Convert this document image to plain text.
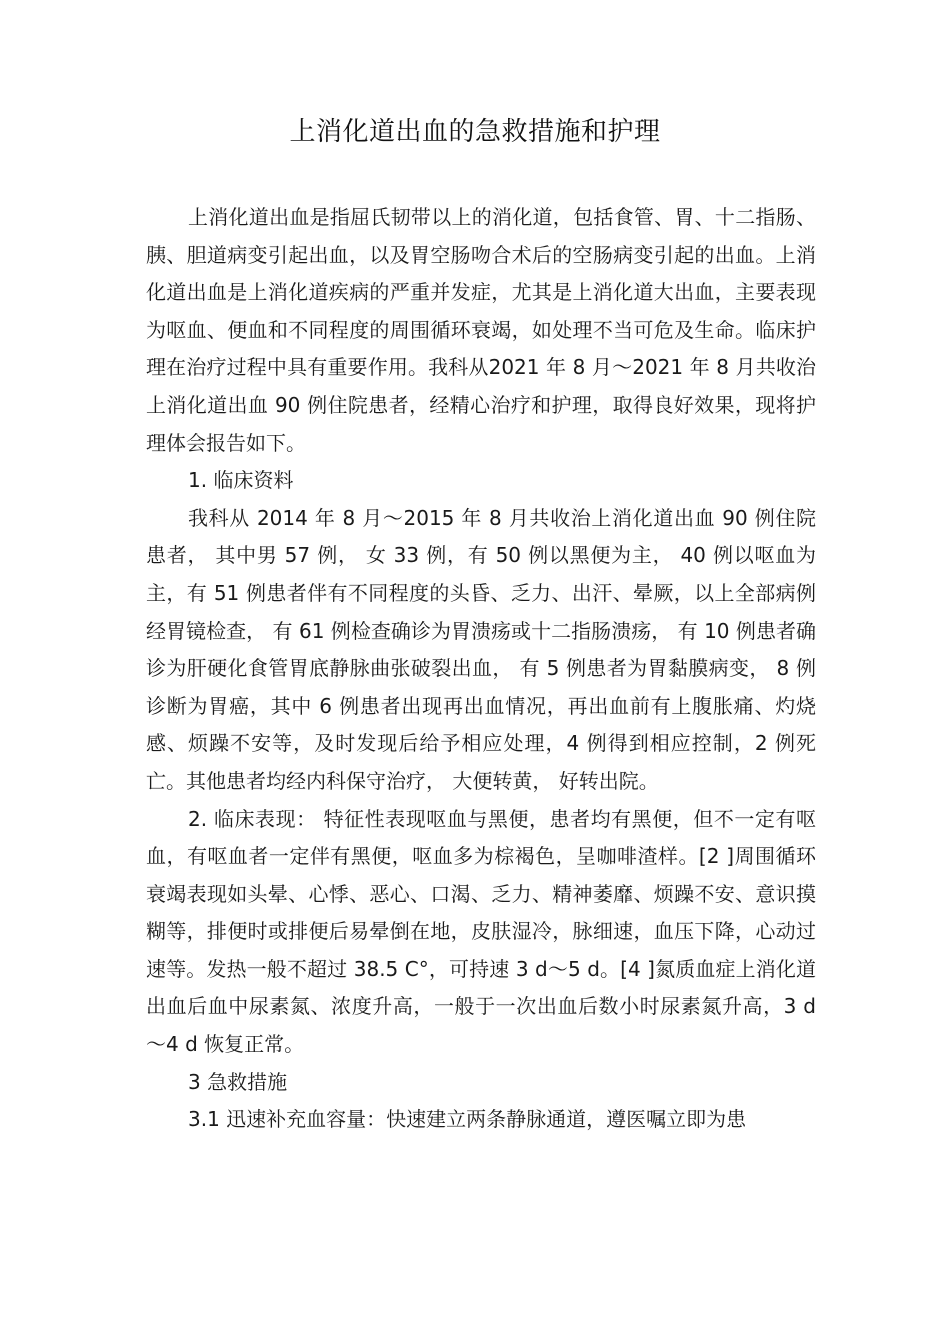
上消化道出血的急救措施和护理

上消化道出血是指屈氏韧带以上的消化道，包括食管、胃、十二指肠、胰、胆道病变引起出血，以及胃空肠吻合术后的空肠病变引起的出血。上消化道出血是上消化道疾病的严重并发症，尤其是上消化道大出血，主要表现为呕血、便血和不同程度的周围循环衰竭，如处理不当可危及生命。临床护理在治疗过程中具有重要作用。我科从2021 年 8 月～2021 年 8 月共收治上消化道出血 90 例住院患者，经精心治疗和护理，取得良好效果，现将护理体会报告如下。

1. 临床资料

我科从 2014 年 8 月～2015 年 8 月共收治上消化道出血 90 例住院患者， 其中男 57 例， 女 33 例，有 50 例以黑便为主， 40 例以呕血为主，有 51 例患者伴有不同程度的头昏、乏力、出汗、晕厥，以上全部病例经胃镜检查， 有 61 例检查确诊为胃溃疡或十二指肠溃疡， 有 10 例患者确诊为肝硬化食管胃底静脉曲张破裂出血， 有 5 例患者为胃黏膜病变， 8 例诊断为胃癌，其中 6 例患者出现再出血情况，再出血前有上腹胀痛、灼烧感、烦躁不安等，及时发现后给予相应处理，4 例得到相应控制，2 例死亡。其他患者均经内科保守治疗， 大便转黄， 好转出院。

2. 临床表现： 特征性表现呕血与黑便，患者均有黑便，但不一定有呕血，有呕血者一定伴有黑便，呕血多为棕褐色，呈咖啡渣样。[2 ]周围循环衰竭表现如头晕、心悸、恶心、口渴、乏力、精神萎靡、烦躁不安、意识摸糊等，排便时或排便后易晕倒在地，皮肤湿冷，脉细速，血压下降，心动过速等。发热一般不超过 38.5 C°，可持速 3 d～5 d。[4 ]氮质血症上消化道出血后血中尿素氮、浓度升高，一般于一次出血后数小时尿素氮升高，3 d～4 d 恢复正常。

3 急救措施

3.1 迅速补充血容量：快速建立两条静脉通道，遵医嘱立即为患
